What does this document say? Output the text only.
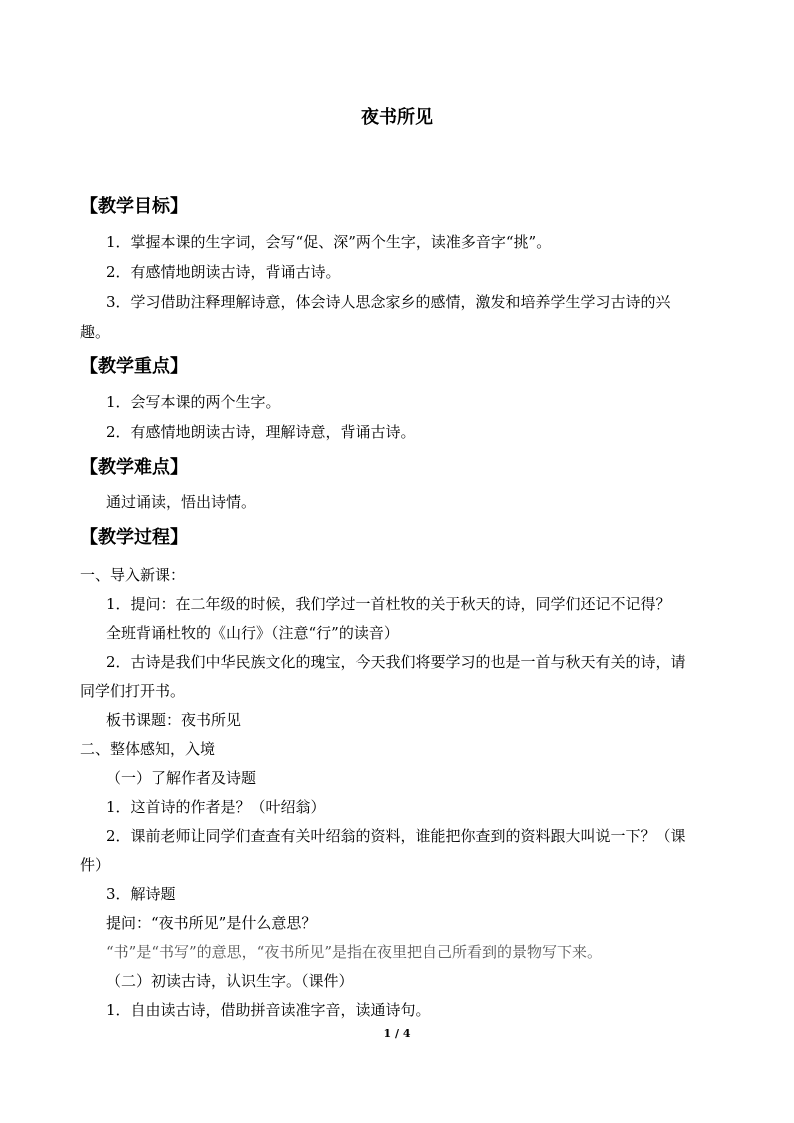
夜书所见
【教学目标】
1．掌握本课的生字词，会写“促、深”两个生字，读准多音字“挑”。
2．有感情地朗读古诗，背诵古诗。
3．学习借助注释理解诗意，体会诗人思念家乡的感情，激发和培养学生学习古诗的兴
趣。
【教学重点】
1．会写本课的两个生字。
2．有感情地朗读古诗，理解诗意，背诵古诗。
【教学难点】
通过诵读，悟出诗情。
【教学过程】
一、导入新课：
1．提问：在二年级的时候，我们学过一首杜牧的关于秋天的诗，同学们还记不记得？
全班背诵杜牧的《山行》（注意“行”的读音）
2．古诗是我们中华民族文化的瑰宝，今天我们将要学习的也是一首与秋天有关的诗，请
同学们打开书。
板书课题：夜书所见
二、整体感知，入境
（一）了解作者及诗题
1．这首诗的作者是？（叶绍翁）
2．课前老师让同学们查查有关叶绍翁的资料，谁能把你查到的资料跟大叫说一下？（课
件）
3．解诗题
提问：“夜书所见”是什么意思？
“书”是“书写”的意思，“夜书所见”是指在夜里把自己所看到的景物写下来。
（二）初读古诗，认识生字。（课件）
1．自由读古诗，借助拼音读准字音，读通诗句。
1 / 4
